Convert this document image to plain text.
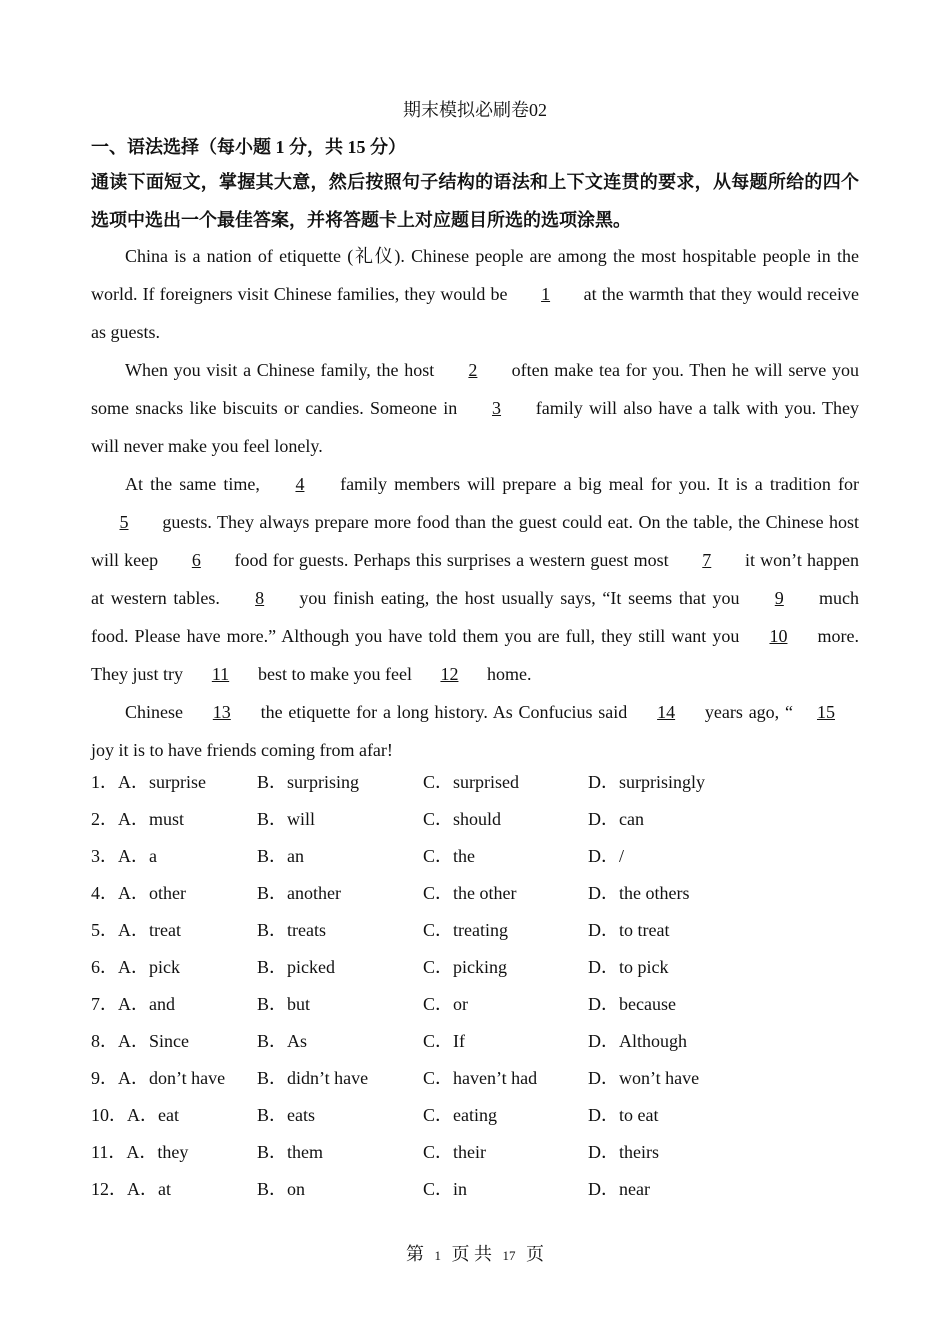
期末模拟必刷卷02
一、语法选择（每小题 1 分，共 15 分）
通读下面短文，掌握其大意，然后按照句子结构的语法和上下文连贯的要求，从每题所给的四个选项中选出一个最佳答案，并将答题卡上对应题目所选的选项涂黑。

China is a nation of etiquette (礼仪). Chinese people are among the most hospitable people in the world. If foreigners visit Chinese families, they would be 1 at the warmth that they would receive as guests.

When you visit a Chinese family, the host 2 often make tea for you. Then he will serve you some snacks like biscuits or candies. Someone in 3 family will also have a talk with you. They will never make you feel lonely.

At the same time, 4 family members will prepare a big meal for you. It is a tradition for 5 guests. They always prepare more food than the guest could eat. On the table, the Chinese host will keep 6 food for guests. Perhaps this surprises a western guest most 7 it won’t happen at western tables. 8 you finish eating, the host usually says, “It seems that you 9 much food. Please have more.” Although you have told them you are full, they still want you 10 more. They just try 11 best to make you feel 12 home.

Chinese 13 the etiquette for a long history. As Confucius said 14 years ago, “ 15 joy it is to have friends coming from afar!

1．A．surprise	B．surprising	C．surprised	D．surprisingly
2．A．must	B．will	C．should	D．can
3．A．a	B．an	C．the	D．/
4．A．other	B．another	C．the other	D．the others
5．A．treat	B．treats	C．treating	D．to treat
6．A．pick	B．picked	C．picking	D．to pick
7．A．and	B．but	C．or	D．because
8．A．Since	B．As	C．If	D．Although
9．A．don’t have B．didn’t have	C．haven’t had	D．won’t have
10．A．eat	B．eats	C．eating	D．to eat
11．A．they	B．them	C．their	D．theirs
12．A．at	B．on	C．in	D．near
第 1 页 共 17 页
